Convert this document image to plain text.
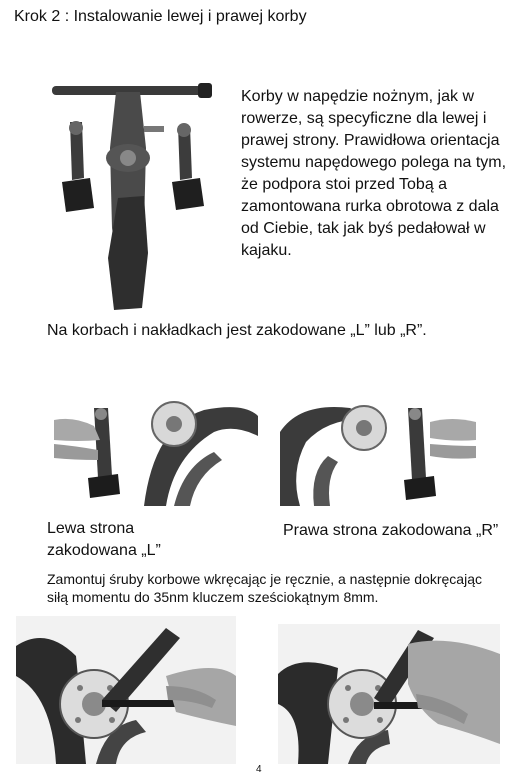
Krok 2 : Instalowanie lewej i prawej korby
Korby w napędzie nożnym, jak w rowerze, są specyficzne dla lewej i prawej strony. Prawidłowa orientacja systemu napędowego polega na tym, że podpora stoi przed Tobą a zamontowana rurka obrotowa z dala od Ciebie, tak jak byś pedałował w kajaku.
Na korbach i nakładkach jest zakodowane „L” lub „R”.
Lewa strona zakodowana „L”
Prawa strona zakodowana „R”
Zamontuj śruby korbowe wkręcając je ręcznie, a następnie dokręcając siłą momentu do 35nm kluczem sześciokątnym 8mm.
4
